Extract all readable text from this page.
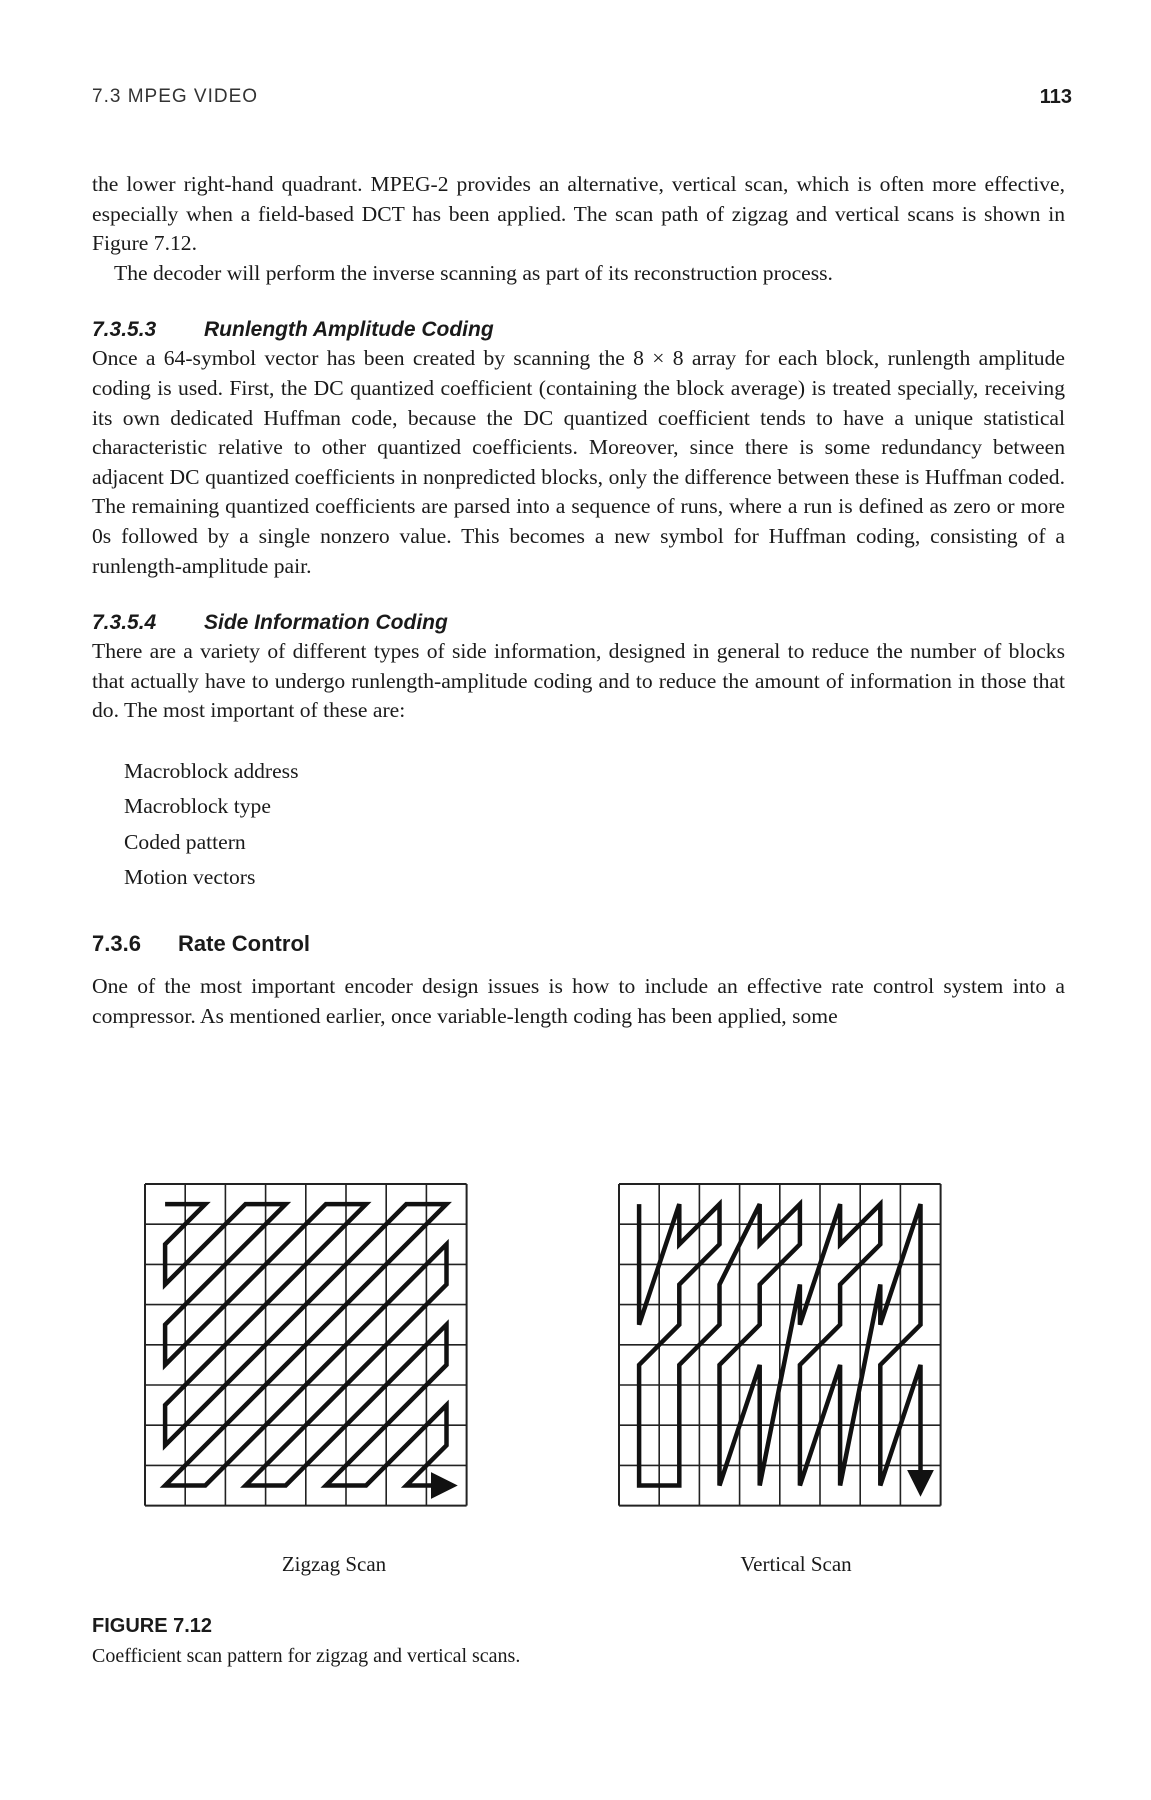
7.3 MPEG VIDEO	113

the lower right-hand quadrant. MPEG-2 provides an alternative, vertical scan, which is often more effective, especially when a field-based DCT has been applied. The scan path of zigzag and vertical scans is shown in Figure 7.12.

The decoder will perform the inverse scanning as part of its reconstruction process.

7.3.5.3 Runlength Amplitude Coding

Once a 64-symbol vector has been created by scanning the 8 × 8 array for each block, runlength amplitude coding is used. First, the DC quantized coefficient (containing the block average) is treated specially, receiving its own dedicated Huffman code, because the DC quantized coefficient tends to have a unique statistical characteristic relative to other quantized coefficients. Moreover, since there is some redundancy between adjacent DC quantized coefficients in nonpredicted blocks, only the difference between these is Huffman coded. The remaining quantized coefficients are parsed into a sequence of runs, where a run is defined as zero or more 0s followed by a single nonzero value. This becomes a new symbol for Huffman coding, consisting of a runlength-amplitude pair.

7.3.5.4 Side Information Coding

There are a variety of different types of side information, designed in general to reduce the number of blocks that actually have to undergo runlength-amplitude coding and to reduce the amount of information in those that do. The most important of these are:

Macroblock address
Macroblock type
Coded pattern
Motion vectors
7.3.6 Rate Control

One of the most important encoder design issues is how to include an effective rate control system into a compressor. As mentioned earlier, once variable-length coding has been applied, some

Zigzag Scan	Vertical Scan
FIGURE 7.12
Coefficient scan pattern for zigzag and vertical scans.
